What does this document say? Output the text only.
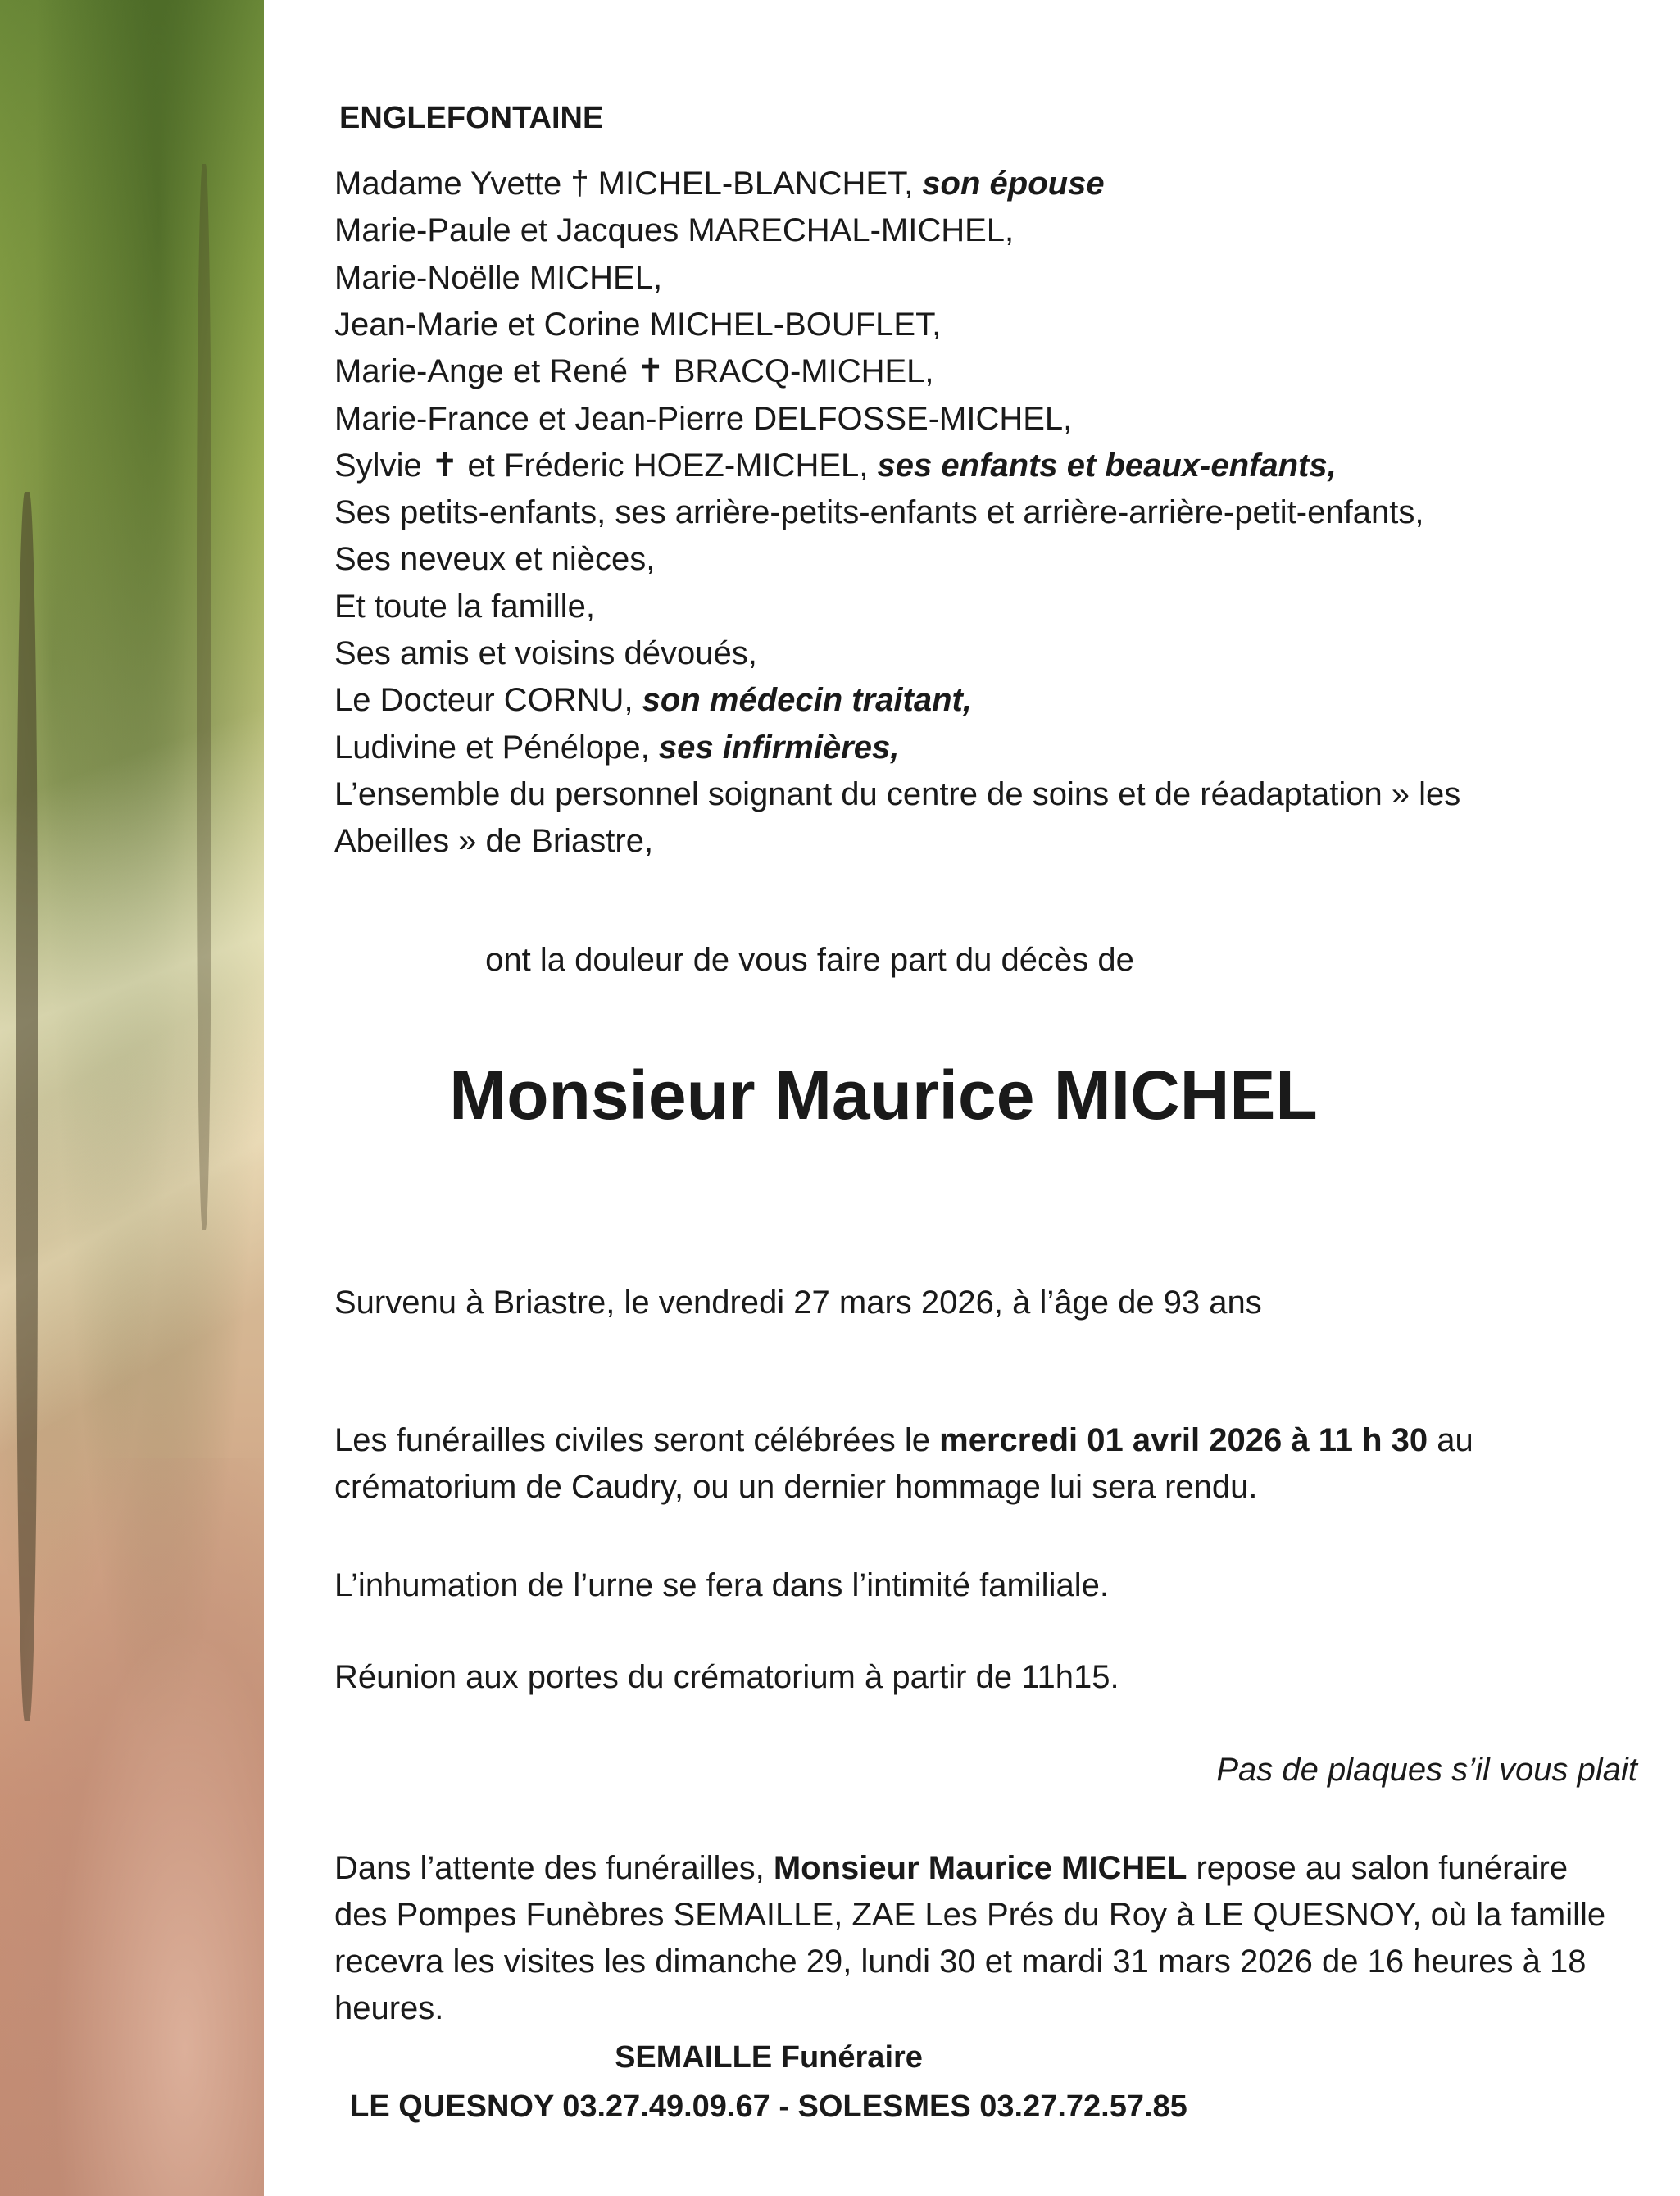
ENGLEFONTAINE
Madame Yvette † MICHEL-BLANCHET, son épouse
Marie-Paule et Jacques MARECHAL-MICHEL,
Marie-Noëlle MICHEL,
Jean-Marie et Corine MICHEL-BOUFLET,
Marie-Ange et René ✝ BRACQ-MICHEL,
Marie-France et Jean-Pierre DELFOSSE-MICHEL,
Sylvie ✝ et Fréderic HOEZ-MICHEL, ses enfants et beaux-enfants,
Ses petits-enfants, ses arrière-petits-enfants et arrière-arrière-petit-enfants,
Ses neveux et nièces,
Et toute la famille,
Ses amis et voisins dévoués,
Le Docteur CORNU, son médecin traitant,
Ludivine et Pénélope, ses infirmières,
L’ensemble du personnel soignant du centre de soins et de réadaptation » les
Abeilles » de Briastre,
ont la douleur de vous faire part du décès de
Monsieur Maurice MICHEL
Survenu à Briastre, le vendredi 27 mars 2026, à l’âge de 93 ans
Les funérailles civiles seront célébrées le mercredi 01 avril 2026 à 11 h 30 au
crématorium de Caudry, ou un dernier hommage lui sera rendu.
L’inhumation de l’urne se fera dans l’intimité familiale.
Réunion aux portes du crématorium à partir de 11h15.
Pas de plaques s’il vous plait
Dans l’attente des funérailles, Monsieur Maurice MICHEL repose au salon funéraire
des Pompes Funèbres SEMAILLE, ZAE Les Prés du Roy à LE QUESNOY, où la famille
recevra les visites les dimanche 29, lundi 30 et mardi 31 mars 2026 de 16 heures à 18
heures.
SEMAILLE Funéraire
LE QUESNOY 03.27.49.09.67 - SOLESMES 03.27.72.57.85
